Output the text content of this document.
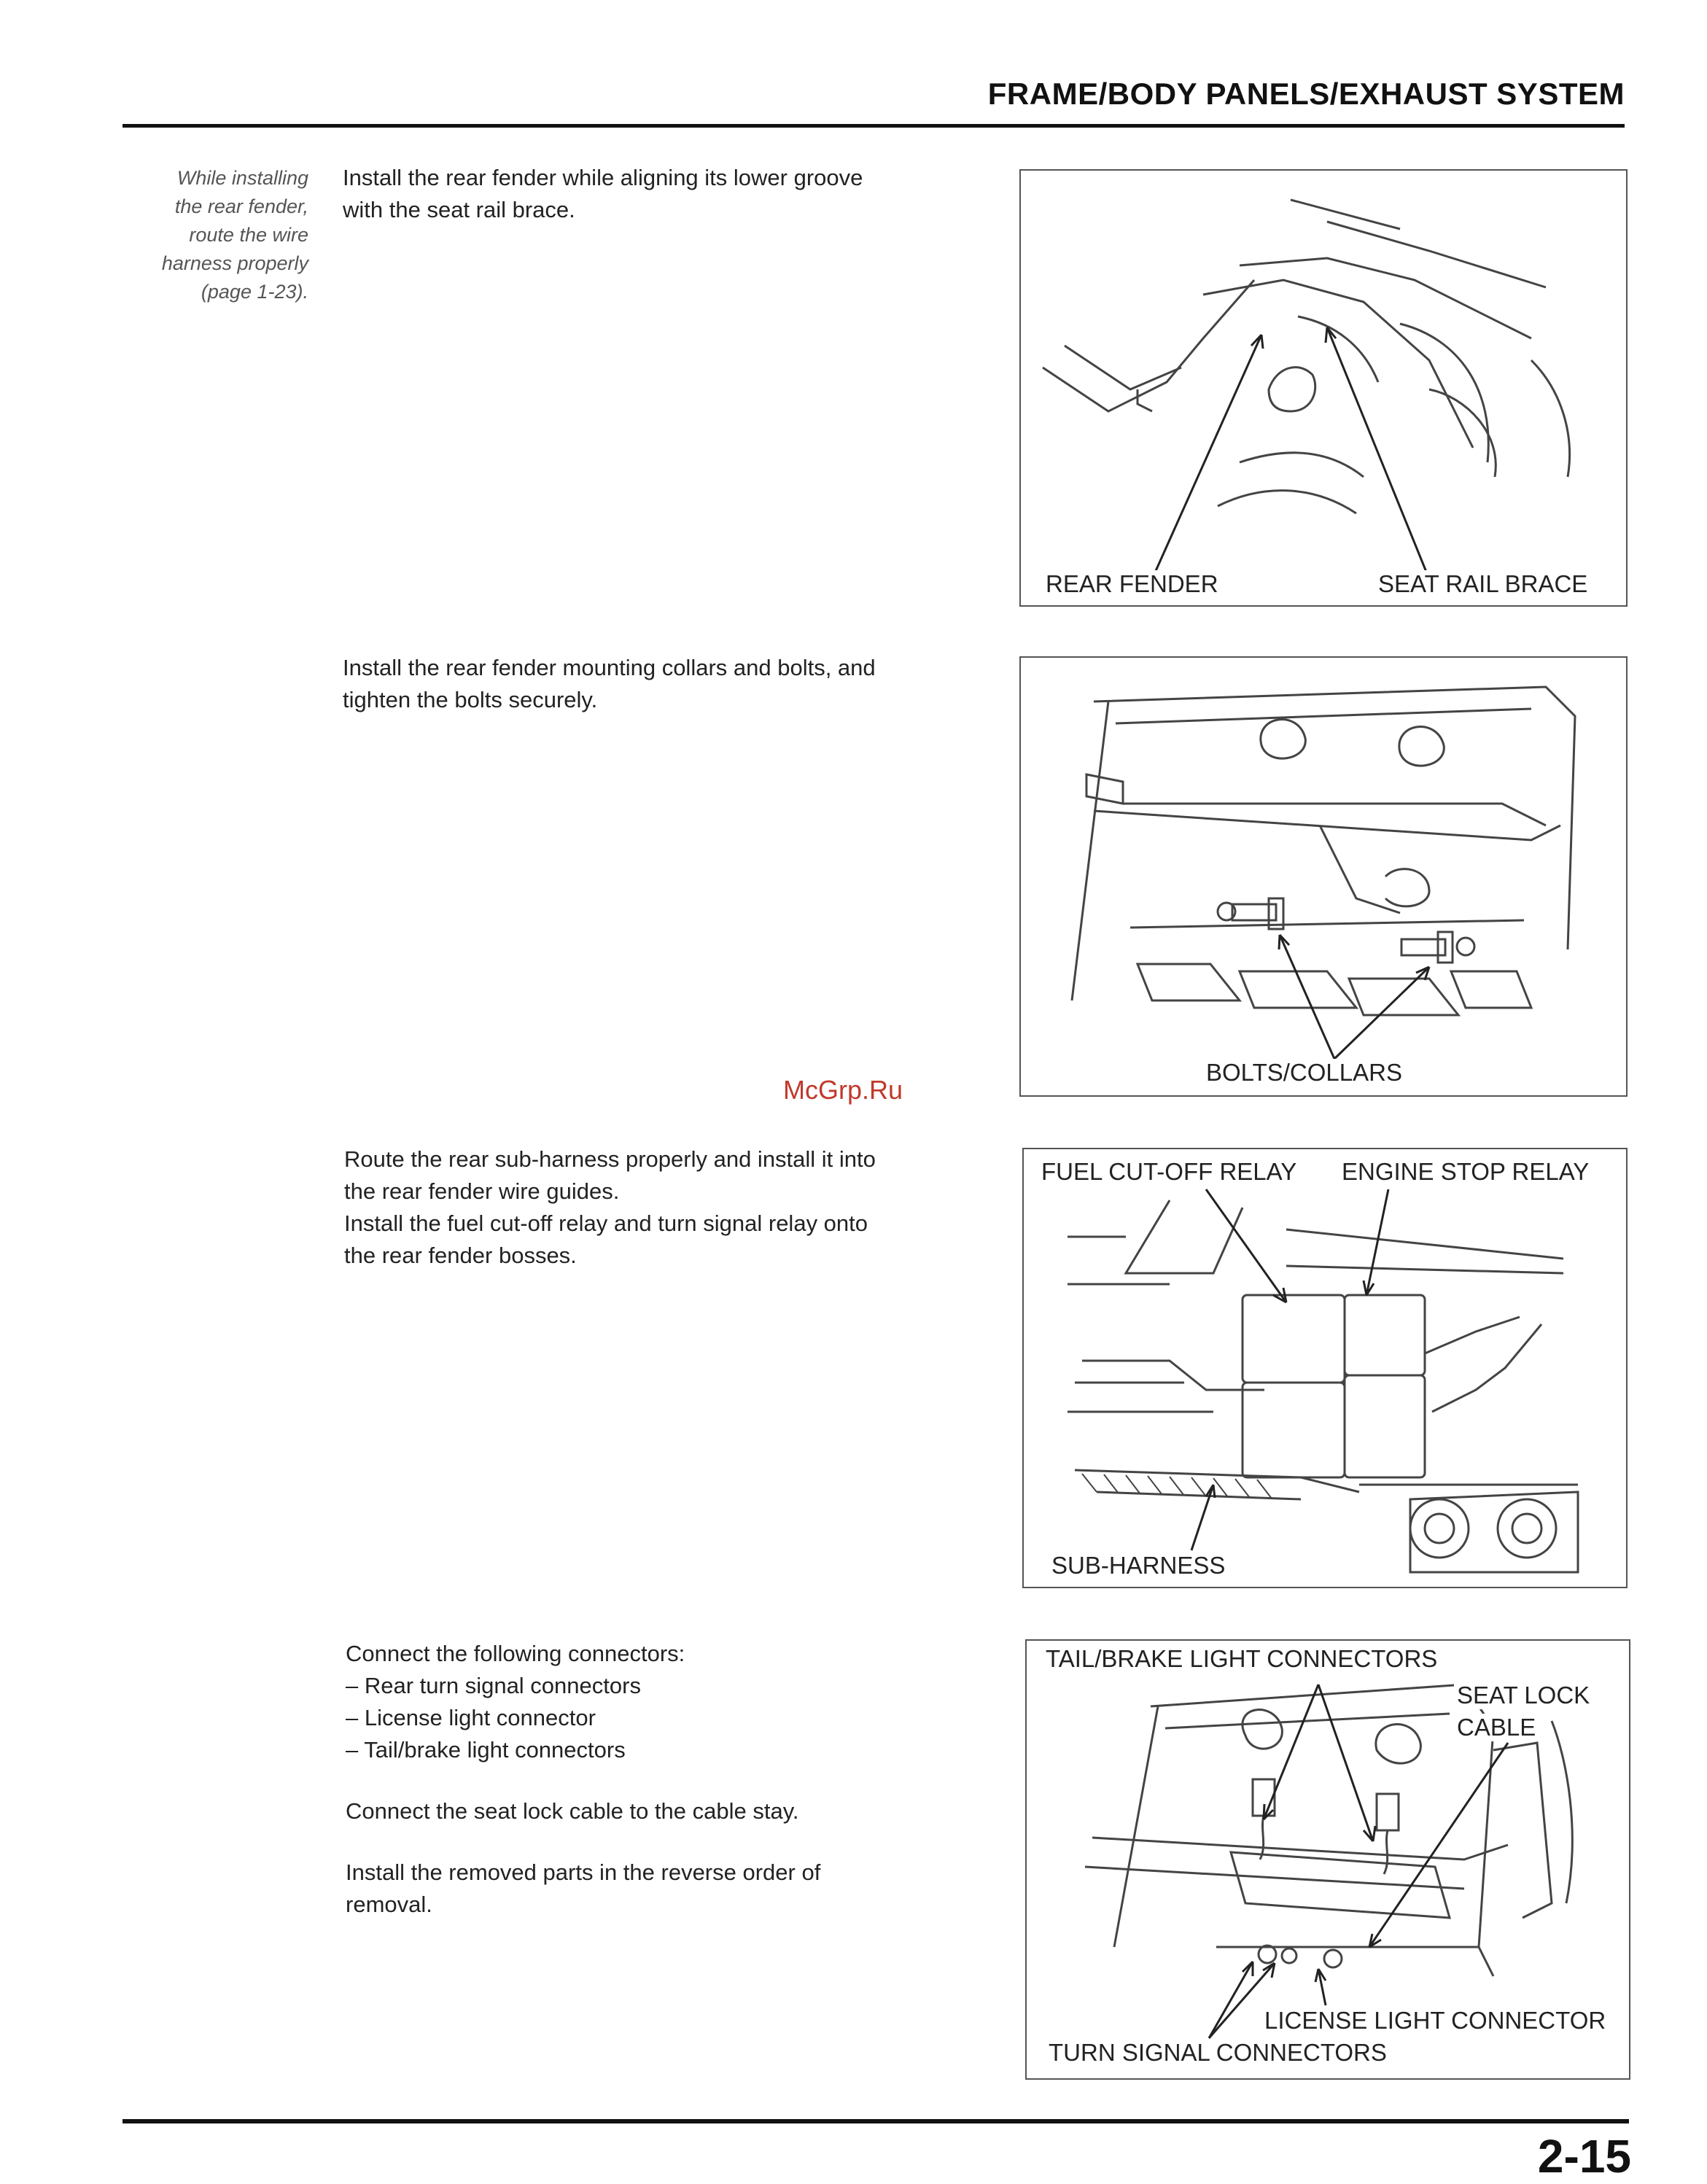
FRAME/BODY PANELS/EXHAUST SYSTEM
While installing
the rear fender,
route the wire
harness properly
(page 1-23).

Install the rear fender while aligning its lower groove

with the seat rail brace.

REAR FENDER	SEAT RAIL BRACE

Install the rear fender mounting collars and bolts, and

tighten the bolts securely.

BOLTS/COLLARS
McGrp.Ru

Route the rear sub-harness properly and install it into

the rear fender wire guides.

Install the fuel cut-off relay and turn signal relay onto

the rear fender bosses.

FUEL CUT-OFF RELAY ENGINE STOP RELAY
SUB-HARNESS

Connect the following connectors:

– Rear turn signal connectors
– License light connector
– Tail/brake light connectors

Connect the seat lock cable to the cable stay.

Install the removed parts in the reverse order of

removal.

TAIL/BRAKE LIGHT CONNECTORS
SEAT LOCK
CABLE
LICENSE LIGHT CONNECTOR
TURN SIGNAL CONNECTORS
2-15
